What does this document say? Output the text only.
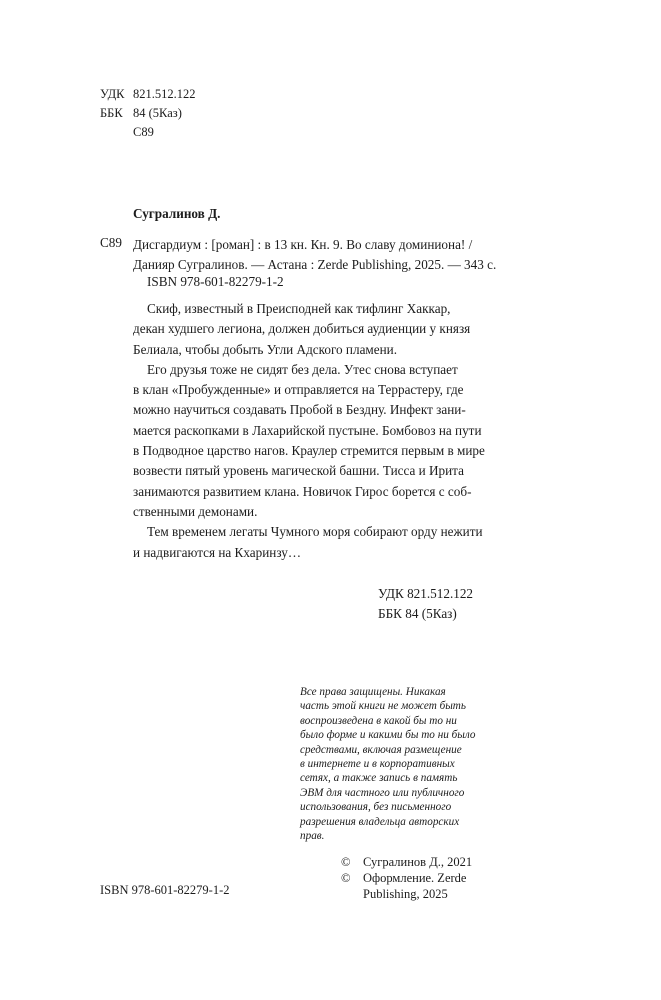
УДК 821.512.122
ББК 84 (5Каз)
С89
Сугралинов Д.
С89 Дисгардиум : [роман] : в 13 кн. Кн. 9. Во славу доминиона! /
Данияр Сугралинов. — Астана : Zerde Publishing, 2025. — 343 с.
ISBN 978-601-82279-1-2

Скиф, известный в Преисподней как тифлинг Хаккар,
декан худшего легиона, должен добиться аудиенции у князя
Белиала, чтобы добыть Угли Адского пламени.

Его друзья тоже не сидят без дела. Утес снова вступает
в клан «Пробужденные» и отправляется на Террастеру, где
можно научиться создавать Пробой в Бездну. Инфект зани-
мается раскопками в Лахарийской пустыне. Бомбовоз на пути
в Подводное царство нагов. Краулер стремится первым в мире
возвести пятый уровень магической башни. Тисса и Ирита
занимаются развитием клана. Новичок Гирос борется с соб-
ственными демонами.

Тем временем легаты Чумного моря собирают орду нежити
и надвигаются на Кхаринзу…

УДК 821.512.122
ББК 84 (5Каз)
Все права защищены. Никакая
часть этой книги не может быть
воспроизведена в какой бы то ни
было форме и какими бы то ни было
средствами, включая размещение
в интернете и в корпоративных
сетях, а также запись в память
ЭВМ для частного или публичного
использования, без письменного
разрешения владельца авторских
прав.
ISBN 978-601-82279-1-2
©	Сугралинов Д., 2021
©	Оформление. Zerde
Publishing, 2025
